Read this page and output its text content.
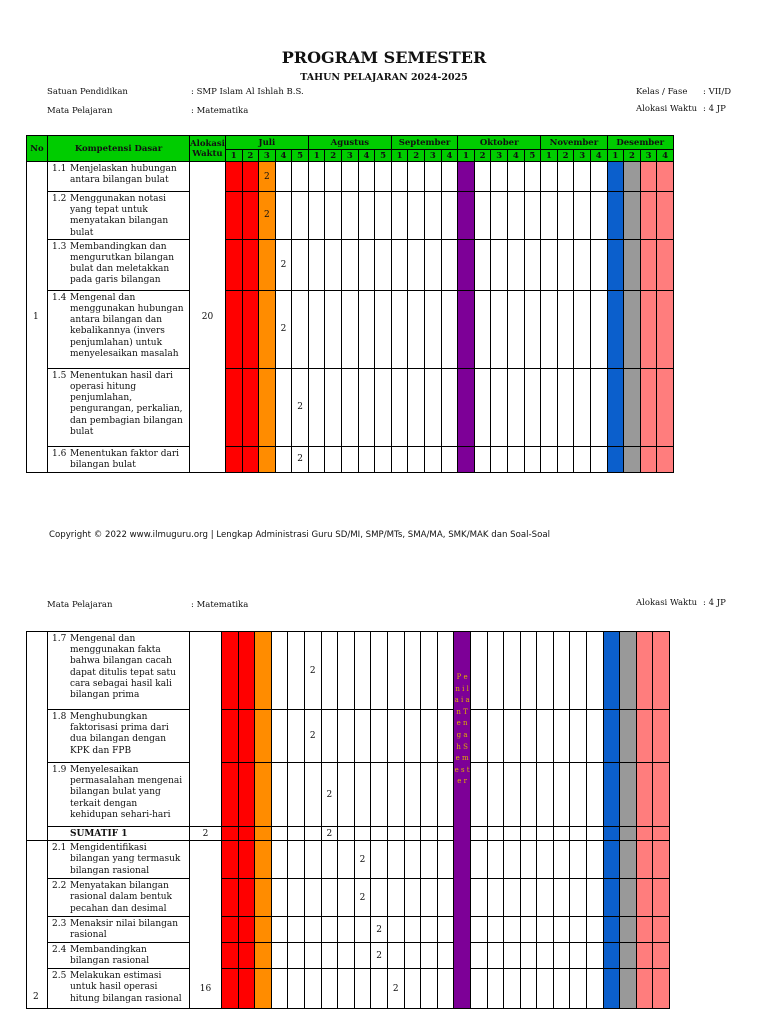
PROGRAM SEMESTER
TAHUN PELAJARAN 2024-2025
Satuan Pendidikan	: SMP Islam Al Ishlah B.S.	Kelas / Fase : VII/D
Mata Pelajaran	: Matematika	Alokasi Waktu : 4 JP
No	Kompetensi Dasar	Alokasi
Waktu	Juli					Agustus					September				Oktober					November				Desember			
			1	2	3	4	5	1	2	3	4	5	1	2	3	4	1	2	3	4	5	1	2	3	4	1	2	3	4
1	1.1 Menjelaskan hubungan antara bilangan bulat	20			2																								
	1.2 Menggunakan notasi yang tepat untuk menyatakan bilangan bulat				2																								
	1.3 Membandingkan dan mengurutkan bilangan bulat dan meletakkan pada garis bilangan					2																							
	1.4 Mengenal dan menggunakan hubungan antara bilangan dan kebalikannya (invers penjumlahan) untuk menyelesaikan masalah					2																							
	1.5 Menentukan hasil dari operasi hitung penjumlahan, pengurangan, perkalian, dan pembagian bilangan bulat						2																						
	1.6 Menentukan faktor dari bilangan bulat						2																						
Copyright © 2022 www.ilmuguru.org | Lengkap Administrasi Guru SD/MI, SMP/MTs, SMA/MA, SMK/MAK dan Soal-Soal
Mata Pelajaran	: Matematika	Alokasi Waktu : 4 JP
	1.7 Mengenal dan menggunakan fakta bahwa bilangan cacah dapat ditulis tepat satu cara sebagai hasil kali bilangan prima							2									P e n i l a i a n T e n g a h S e m e s t e r												
	1.8 Menghubungkan faktorisasi prima dari dua bilangan dengan KPK dan FPB							2																					
	1.9 Menyelesaikan permasalahan mengenai bilangan bulat yang terkait dengan kehidupan sehari-hari								2																				
	SUMATIF 1	2							2																				
2	2.1 Mengidentifikasi bilangan yang termasuk bilangan rasional	16									2																		
	2.2 Menyatakan bilangan rasional dalam bentuk pecahan dan desimal										2																		
	2.3 Menaksir nilai bilangan rasional											2																	
	2.4 Membandingkan bilangan rasional											2																	
	2.5 Melakukan estimasi untuk hasil operasi hitung bilangan rasional												2																
